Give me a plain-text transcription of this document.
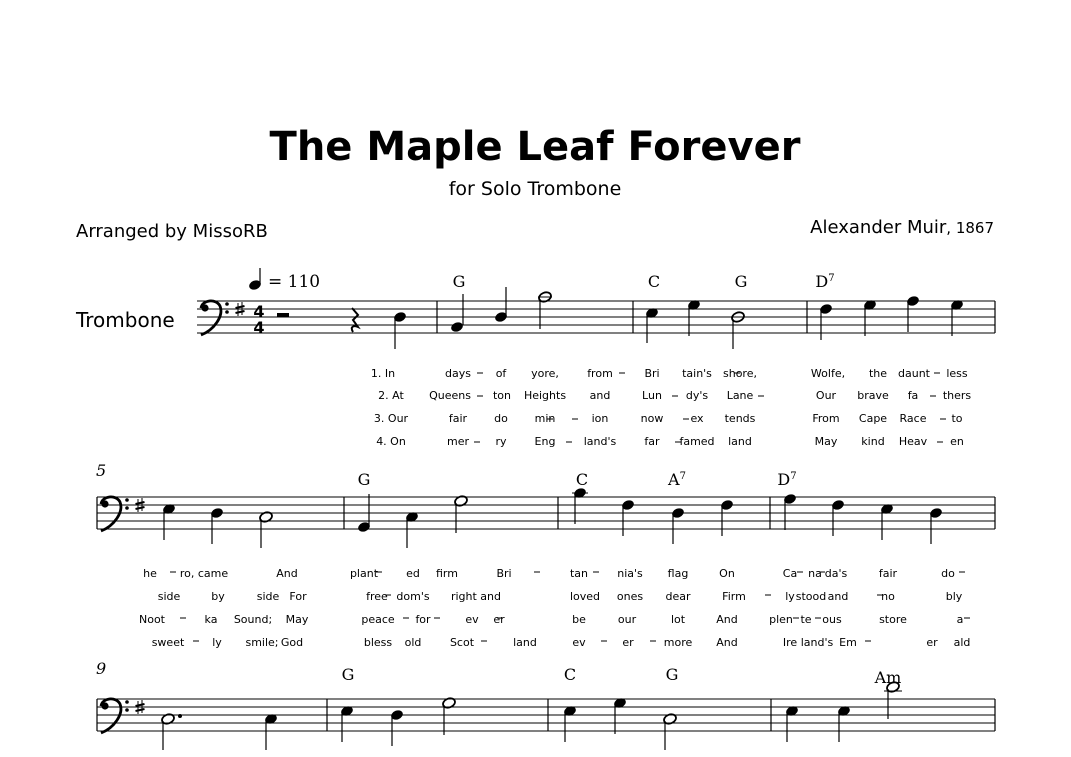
The Maple Leaf Forever
for Solo Trombone
Arranged by MissoRB	Alexander Muir, 1867
Trombone	4
4
= 110	G	C	G	$D^7$
1. In	days of yore,	from	Bri tain's shore,	Wolfe, the daunt less
2. At Queens ton Heights and	Lun dy's Lane	Our brave fa thers
3. Our	fair do min	ion	now ex tends	From Cape Race to
4. On	mer ry	Eng	land's	far famed land	May kind Heav en
5	G	C	$A^7$	$D^7$
he ro, came	And	plant	ed firm	Bri	tan	nia's flag	On	Ca na da's	fair	do
side	by	side For	free dom's right and	loved ones dear	Firm	ly stood and	no	bly
Noot	ka Sound; May	peace for	ev er	be	our	lot	And	plen te ous	store	a
sweet	ly smile; God	bless old	Scot	land	ev	er	more And	Ire land's Em	er ald
9	G	C	G	Am
